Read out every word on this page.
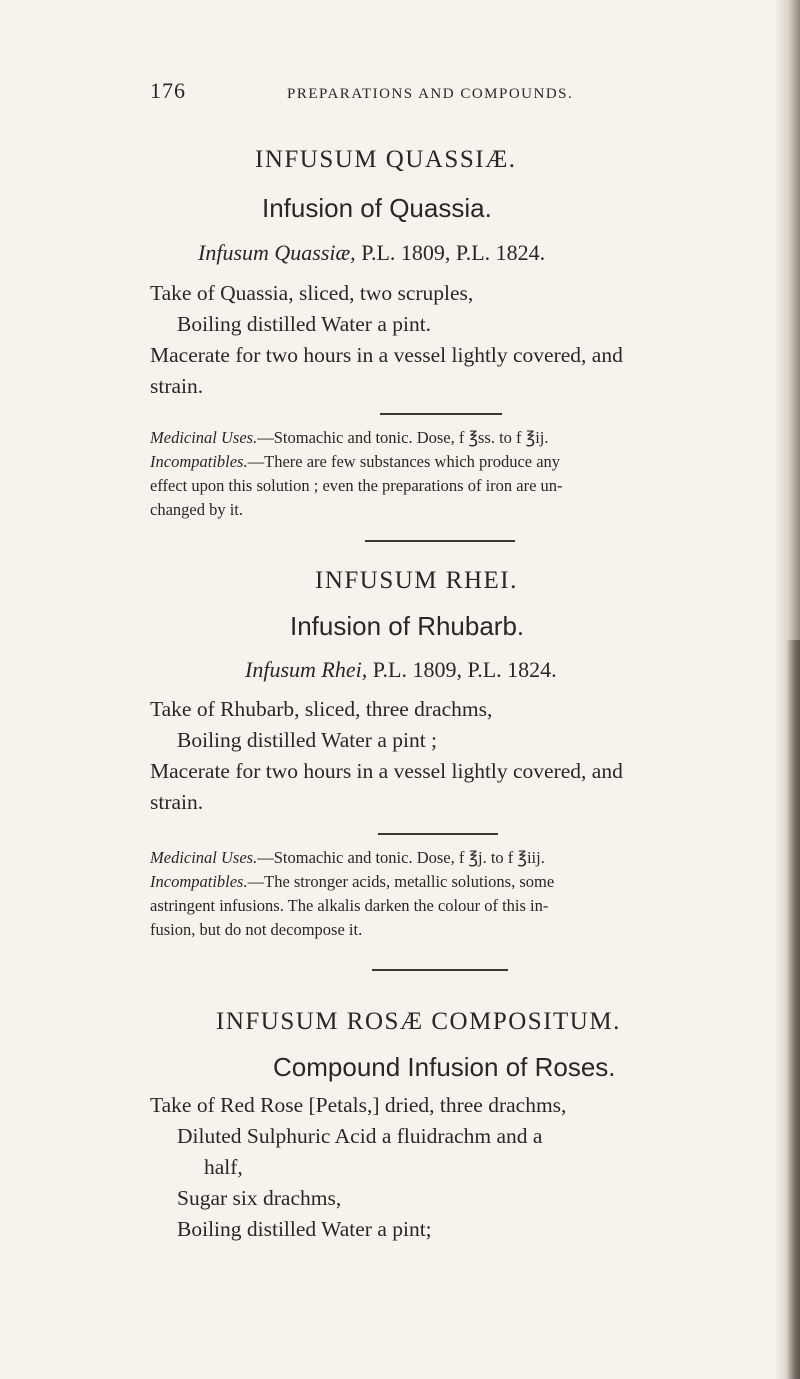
176	PREPARATIONS AND COMPOUNDS.
INFUSUM QUASSIÆ.
Infusion of Quassia.
Infusum Quassiæ, P.L. 1809, P.L. 1824.
Take of Quassia, sliced, two scruples,
Boiling distilled Water a pint.
Macerate for two hours in a vessel lightly covered, and
strain.
Medicinal Uses.—Stomachic and tonic. Dose, f ℥ss. to f ℥ij.
Incompatibles.—There are few substances which produce any
effect upon this solution ; even the preparations of iron are un-
changed by it.
INFUSUM RHEI.
Infusion of Rhubarb.
Infusum Rhei, P.L. 1809, P.L. 1824.
Take of Rhubarb, sliced, three drachms,
Boiling distilled Water a pint ;
Macerate for two hours in a vessel lightly covered, and
strain.
Medicinal Uses.—Stomachic and tonic. Dose, f ℥j. to f ℥iij.
Incompatibles.—The stronger acids, metallic solutions, some
astringent infusions. The alkalis darken the colour of this in-
fusion, but do not decompose it.
INFUSUM ROSÆ COMPOSITUM.
Compound Infusion of Roses.
Take of Red Rose [Petals,] dried, three drachms,
Diluted Sulphuric Acid a fluidrachm and a
half,
Sugar six drachms,
Boiling distilled Water a pint;
